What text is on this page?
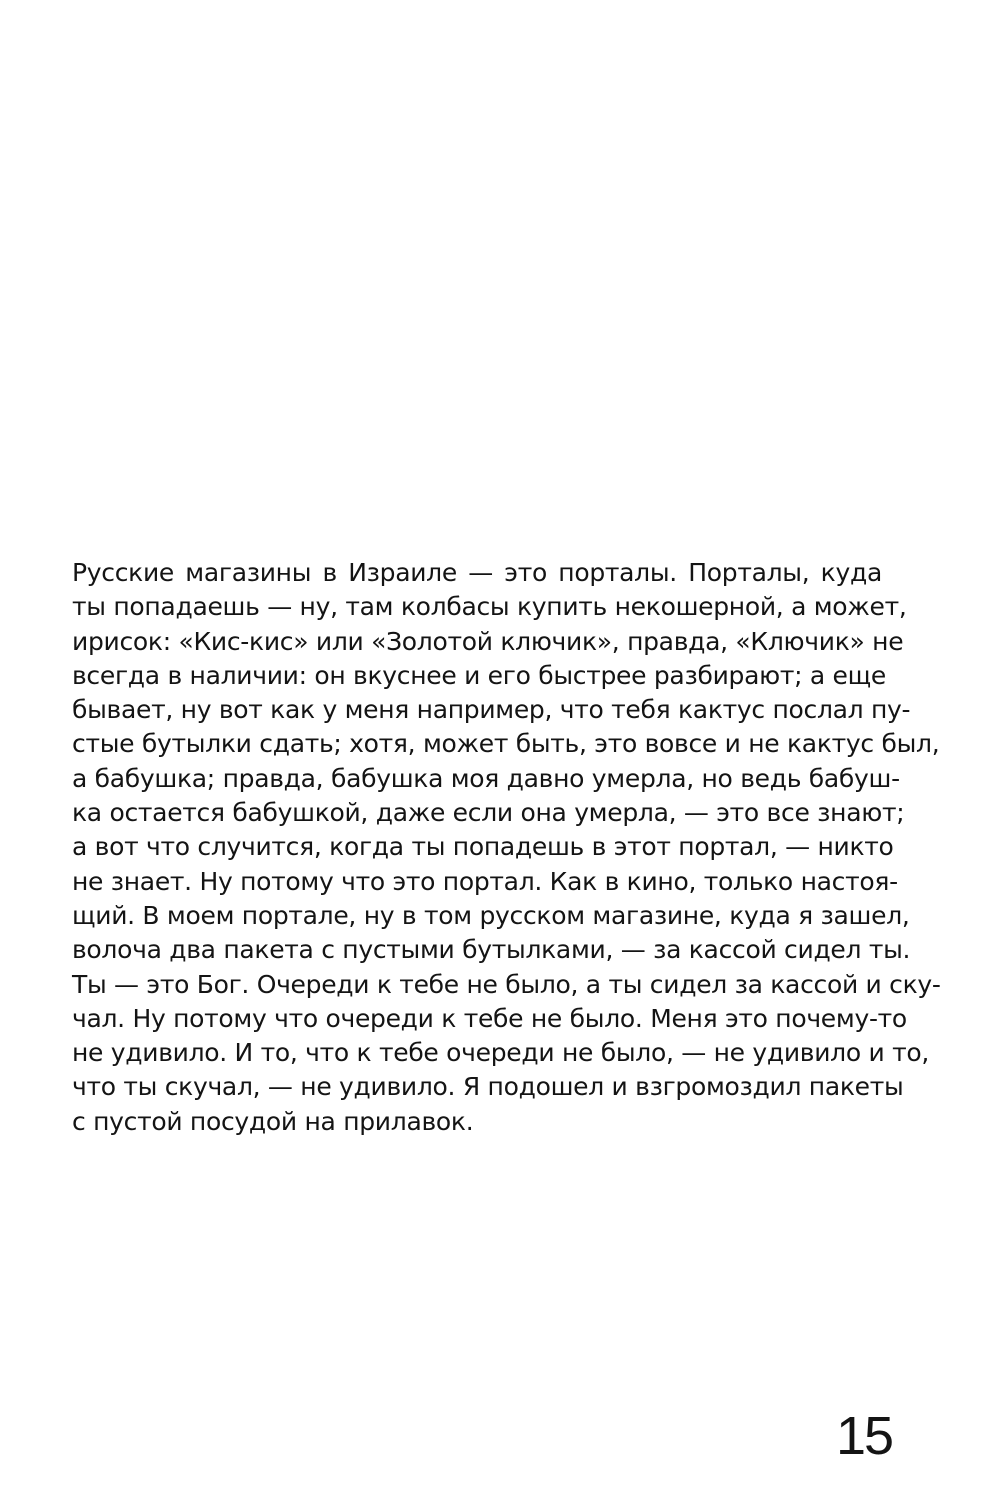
Русские магазины в Израиле — это порталы. Порталы, куда
ты попадаешь — ну, там колбасы купить некошерной, а может,
ирисок: «Кис-кис» или «Золотой ключик», правда, «Ключик» не
всегда в наличии: он вкуснее и его быстрее разбирают; а еще
бывает, ну вот как у меня например, что тебя кактус послал пу-
стые бутылки сдать; хотя, может быть, это вовсе и не кактус был,
а бабушка; правда, бабушка моя давно умерла, но ведь бабуш-
ка остается бабушкой, даже если она умерла, — это все знают;
а вот что случится, когда ты попадешь в этот портал, — никто
не знает. Ну потому что это портал. Как в кино, только настоя-
щий. В моем портале, ну в том русском магазине, куда я зашел,
волоча два пакета с пустыми бутылками, — за кассой сидел ты.
Ты — это Бог. Очереди к тебе не было, а ты сидел за кассой и ску-
чал. Ну потому что очереди к тебе не было. Меня это почему-то
не удивило. И то, что к тебе очереди не было, — не удивило и то,
что ты скучал, — не удивило. Я подошел и взгромоздил пакеты
с пустой посудой на прилавок.

15
